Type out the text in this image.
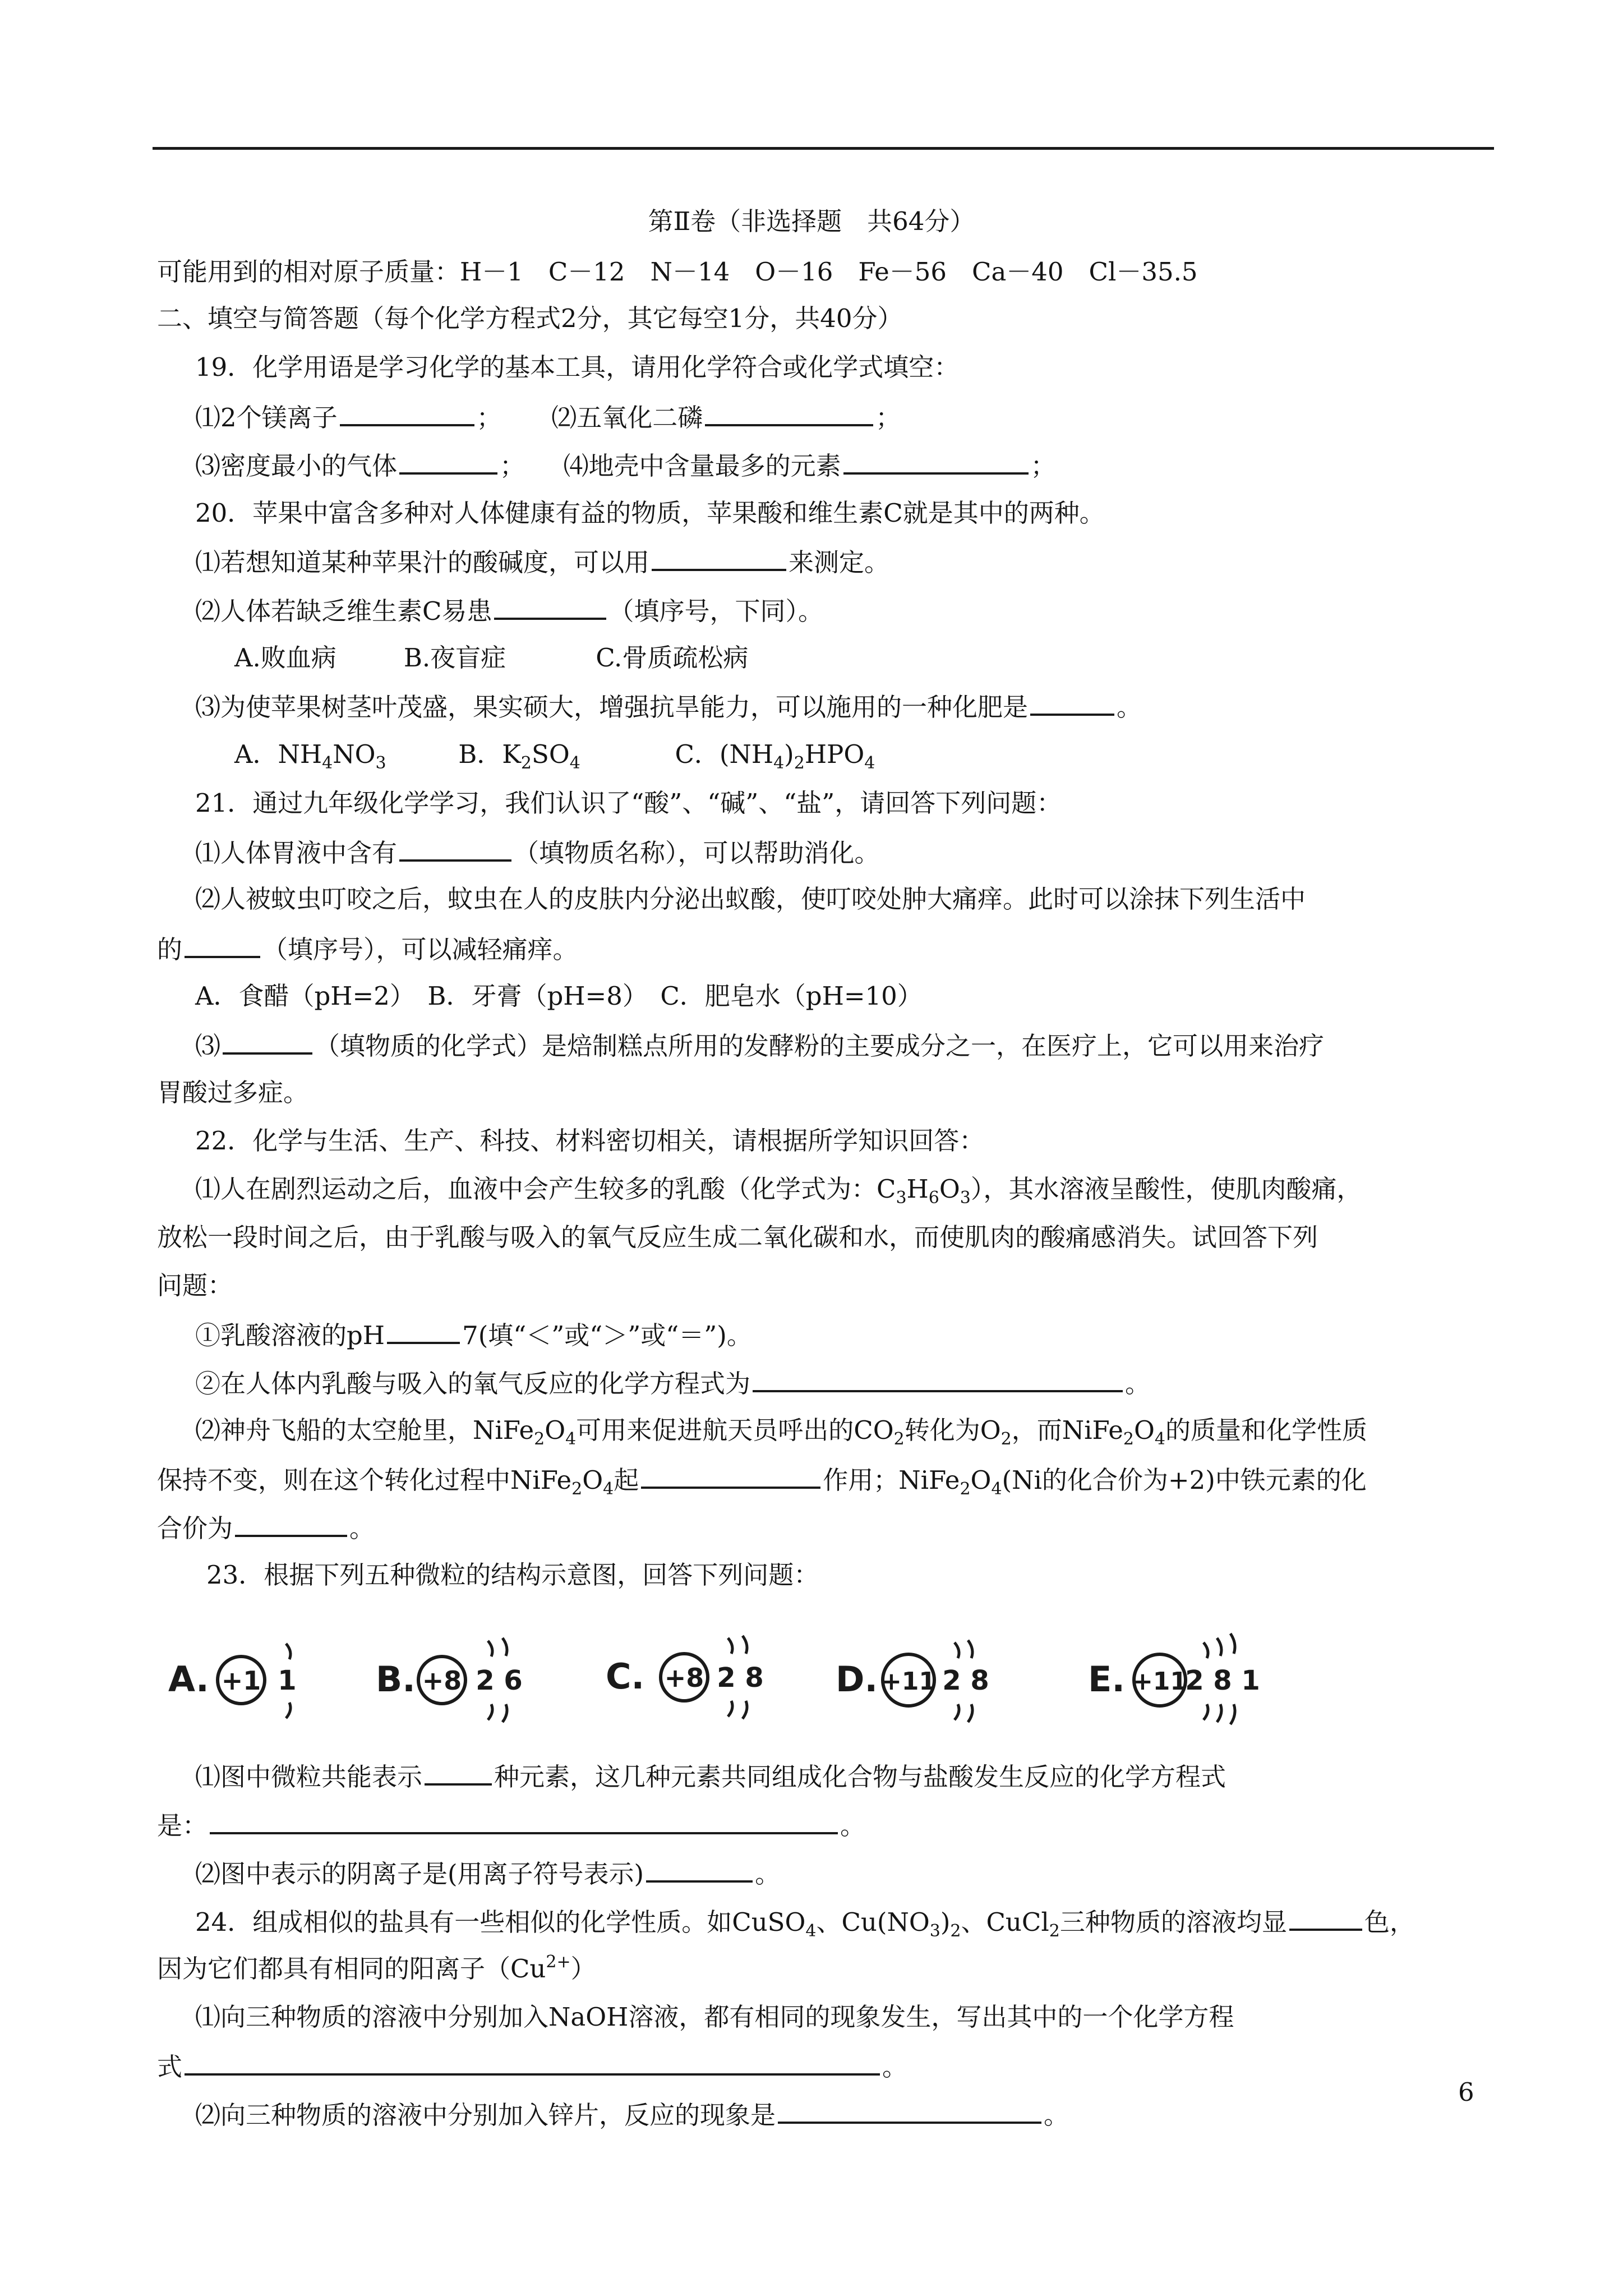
第Ⅱ卷（非选择题　共64分）
可能用到的相对原子质量：H－1　C－12　N－14　O－16　Fe－56　Ca－40　Cl－35.5
二、填空与简答题（每个化学方程式2分，其它每空1分，共40分）
19．化学用语是学习化学的基本工具，请用化学符合或化学式填空：
⑴2个镁离子	； ⑵五氧化二磷	；
⑶密度最小的气体	； ⑷地壳中含量最多的元素	；
20．苹果中富含多种对人体健康有益的物质，苹果酸和维生素C就是其中的两种。
⑴若想知道某种苹果汁的酸碱度，可以用	来测定。
⑵人体若缺乏维生素C易患	（填序号，下同）。
A.败血病	B.夜盲症	C.骨质疏松病
⑶为使苹果树茎叶茂盛，果实硕大，增强抗旱能力，可以施用的一种化肥是	。
A．$NH_4NO_3$	B．$K_2SO_4$	C．$(NH_4)_2HPO_4$
21．通过九年级化学学习，我们认识了“酸”、“碱”、“盐”，请回答下列问题：
⑴人体胃液中含有	（填物质名称），可以帮助消化。
⑵人被蚊虫叮咬之后，蚊虫在人的皮肤内分泌出蚁酸，使叮咬处肿大痛痒。此时可以涂抹下列生活中
的	（填序号），可以减轻痛痒。
A．食醋（pH=2）　B．牙膏（pH=8）　C．肥皂水（pH=10）
⑶	（填物质的化学式）是焙制糕点所用的发酵粉的主要成分之一，在医疗上，它可以用来治疗
胃酸过多症。
22．化学与生活、生产、科技、材料密切相关，请根据所学知识回答：
⑴人在剧烈运动之后，血液中会产生较多的乳酸（化学式为：$C_3H_6O_3$），其水溶液呈酸性，使肌肉酸痛，
放松一段时间之后，由于乳酸与吸入的氧气反应生成二氧化碳和水，而使肌肉的酸痛感消失。试回答下列
问题：
①乳酸溶液的pH	7(填“＜”或“＞”或“＝”)。
②在人体内乳酸与吸入的氧气反应的化学方程式为	。
⑵神舟飞船的太空舱里，$NiFe_2O_4$可用来促进航天员呼出的$CO_2$转化为$O_2$，而$NiFe_2O_4$的质量和化学性质
保持不变，则在这个转化过程中$NiFe_2O_4$起	作用；$NiFe_2O_4(Ni$的化合价为+2)中铁元素的化
合价为	。
23．根据下列五种微粒的结构示意图，回答下列问题：
A. +1 1 B. +8 2 6 C. +8 2 8 D. +11 2 8	E. +11
2 8 1
⑴图中微粒共能表示	种元素，这几种元素共同组成化合物与盐酸发生反应的化学方程式
是：	。
⑵图中表示的阴离子是(用离子符号表示)	。
24．组成相似的盐具有一些相似的化学性质。如CuSO$_4$、$Cu(NO_3)_2$、CuCl$_2$三种物质的溶液均显	色，
因为它们都具有相同的阳离子$(Cu^{2+})$
⑴向三种物质的溶液中分别加入NaOH溶液，都有相同的现象发生，写出其中的一个化学方程
式	。
⑵向三种物质的溶液中分别加入锌片，反应的现象是	。
6
